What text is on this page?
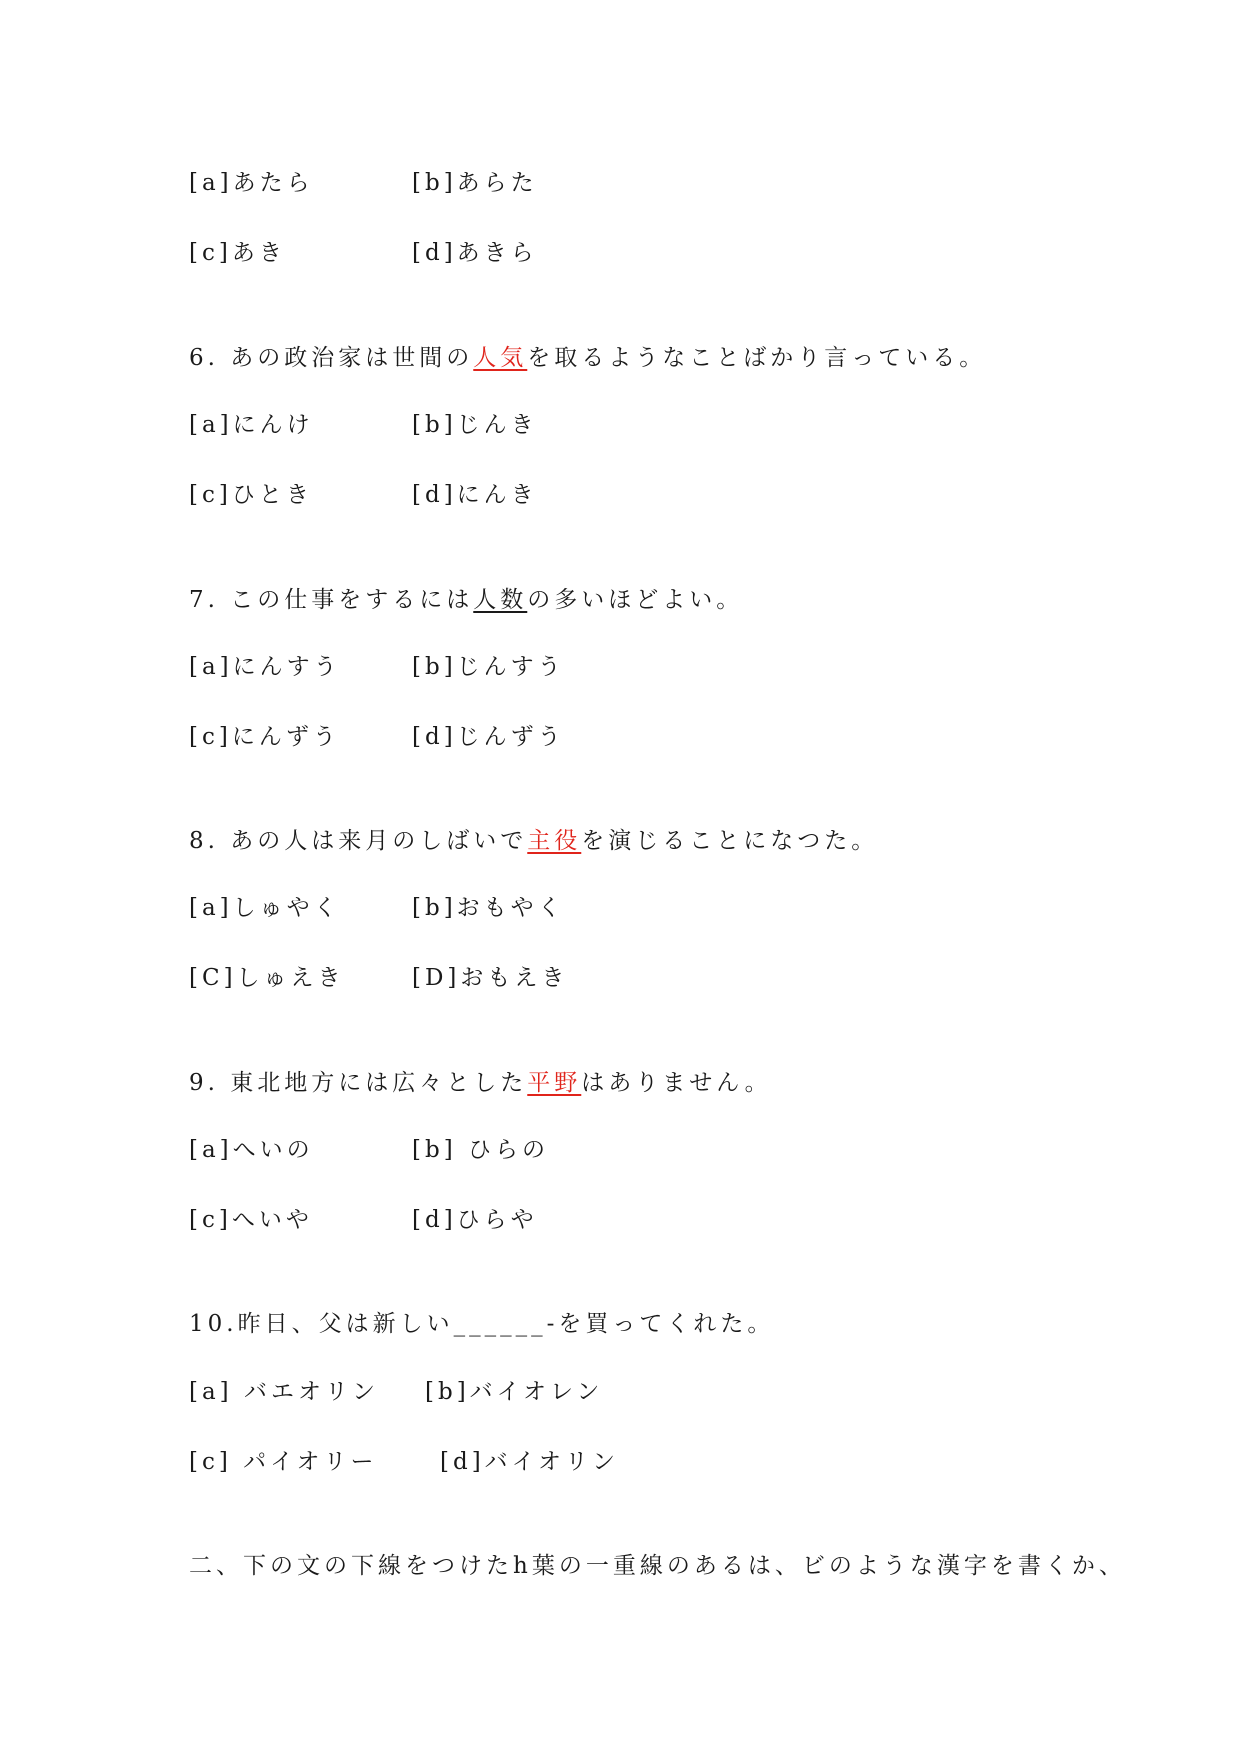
[a]あたら	[b]あらた
[c]あき	[d]あきら
6. あの政治家は世間の人気を取るようなことばかり言っている。
[a]にんけ	[b]じんき
[c]ひとき	[d]にんき
7. この仕事をするには人数の多いほどよい。
[a]にんすう	[b]じんすう
[c]にんずう	[d]じんずう
8. あの人は来月のしばいで主役を演じることになつた。
[a]しゅやく	[b]おもやく
[C]しゅえき	[D]おもえき
9. 東北地方には広々とした平野はありません。
[a]へいの	[b] ひらの
[c]へいや	[d]ひらや
10.昨日、父は新しい______-を買ってくれた。
[a] バエオリン [b]バイオレン
[c] パイオリー	[d]バイオリン
二、下の文の下線をつけたh葉の一重線のあるは、ビのような漢字を書くか、
